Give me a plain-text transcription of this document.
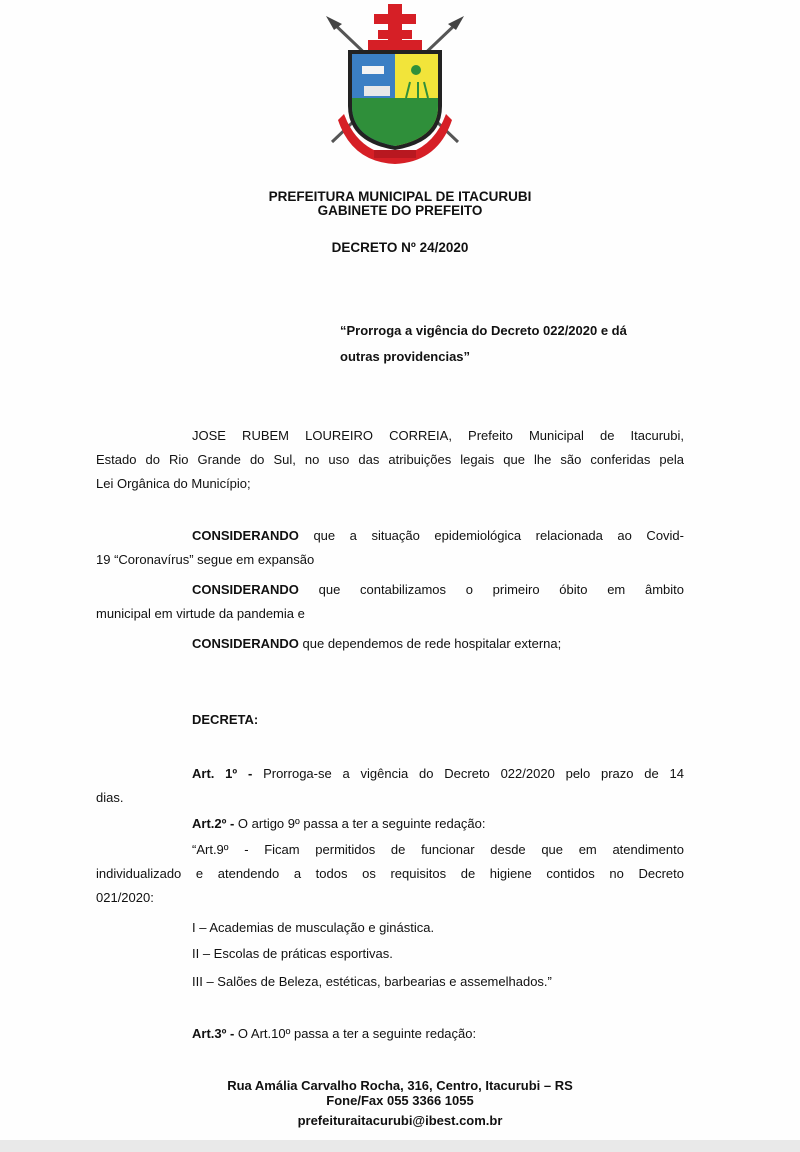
PREFEITURA MUNICIPAL DE ITACURUBI
GABINETE DO PREFEITO
DECRETO Nº 24/2020
“Prorroga a vigência do Decreto 022/2020 e dá
outras providencias”
JOSE RUBEM LOUREIRO CORREIA, Prefeito Municipal de Itacurubi,
Estado do Rio Grande do Sul, no uso das atribuições legais que lhe são conferidas pela
Lei Orgânica do Município;
CONSIDERANDO que a situação epidemiológica relacionada ao Covid-
19 “Coronavírus” segue em expansão
CONSIDERANDO que contabilizamos o primeiro óbito em âmbito
municipal em virtude da pandemia e
CONSIDERANDO que dependemos de rede hospitalar externa;
DECRETA:
Art. 1º - Prorroga-se a vigência do Decreto 022/2020 pelo prazo de 14
dias.
Art.2º - O artigo 9º passa a ter a seguinte redação:
“Art.9º - Ficam permitidos de funcionar desde que em atendimento
individualizado e atendendo a todos os requisitos de higiene contidos no Decreto
021/2020:
I – Academias de musculação e ginástica.
II – Escolas de práticas esportivas.
III – Salões de Beleza, estéticas, barbearias e assemelhados.”
Art.3º - O Art.10º passa a ter a seguinte redação:
Rua Amália Carvalho Rocha, 316, Centro, Itacurubi – RS
Fone/Fax 055 3366 1055
prefeituraitacurubi@ibest.com.br
